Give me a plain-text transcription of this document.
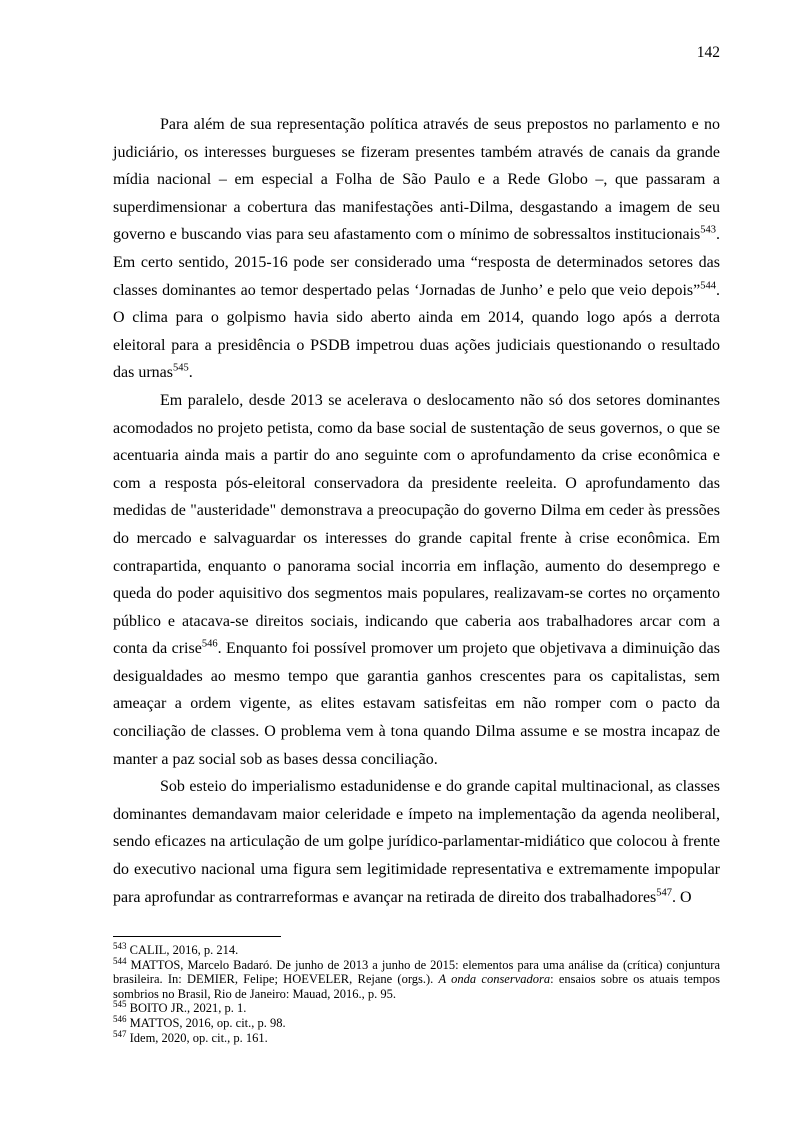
142

Para além de sua representação política através de seus prepostos no parlamento e no judiciário, os interesses burgueses se fizeram presentes também através de canais da grande mídia nacional – em especial a Folha de São Paulo e a Rede Globo –, que passaram a superdimensionar a cobertura das manifestações anti-Dilma, desgastando a imagem de seu governo e buscando vias para seu afastamento com o mínimo de sobressaltos institucionais$^{543}$. Em certo sentido, 2015-16 pode ser considerado uma “resposta de determinados setores das classes dominantes ao temor despertado pelas ‘Jornadas de Junho’ e pelo que veio depois”$^{544}$. O clima para o golpismo havia sido aberto ainda em 2014, quando logo após a derrota eleitoral para a presidência o PSDB impetrou duas ações judiciais questionando o resultado das urnas$^{545}$.

Em paralelo, desde 2013 se acelerava o deslocamento não só dos setores dominantes acomodados no projeto petista, como da base social de sustentação de seus governos, o que se acentuaria ainda mais a partir do ano seguinte com o aprofundamento da crise econômica e com a resposta pós-eleitoral conservadora da presidente reeleita. O aprofundamento das medidas de "austeridade" demonstrava a preocupação do governo Dilma em ceder às pressões do mercado e salvaguardar os interesses do grande capital frente à crise econômica. Em contrapartida, enquanto o panorama social incorria em inflação, aumento do desemprego e queda do poder aquisitivo dos segmentos mais populares, realizavam-se cortes no orçamento público e atacava-se direitos sociais, indicando que caberia aos trabalhadores arcar com a conta da crise$^{546}$. Enquanto foi possível promover um projeto que objetivava a diminuição das desigualdades ao mesmo tempo que garantia ganhos crescentes para os capitalistas, sem ameaçar a ordem vigente, as elites estavam satisfeitas em não romper com o pacto da conciliação de classes. O problema vem à tona quando Dilma assume e se mostra incapaz de manter a paz social sob as bases dessa conciliação.

Sob esteio do imperialismo estadunidense e do grande capital multinacional, as classes dominantes demandavam maior celeridade e ímpeto na implementação da agenda neoliberal, sendo eficazes na articulação de um golpe jurídico-parlamentar-midiático que colocou à frente do executivo nacional uma figura sem legitimidade representativa e extremamente impopular para aprofundar as contrarreformas e avançar na retirada de direito dos trabalhadores$^{547}$. O

$^{543}$ CALIL, 2016, p. 214.
$^{544}$ MATTOS, Marcelo Badaró. De junho de 2013 a junho de 2015: elementos para uma análise da (crítica) conjuntura brasileira. In: DEMIER, Felipe; HOEVELER, Rejane (orgs.). A onda conservadora: ensaios sobre os atuais tempos sombrios no Brasil, Rio de Janeiro: Mauad, 2016., p. 95.
$^{545}$ BOITO JR., 2021, p. 1.
$^{546}$ MATTOS, 2016, op. cit., p. 98.
$^{547}$ Idem, 2020, op. cit., p. 161.
